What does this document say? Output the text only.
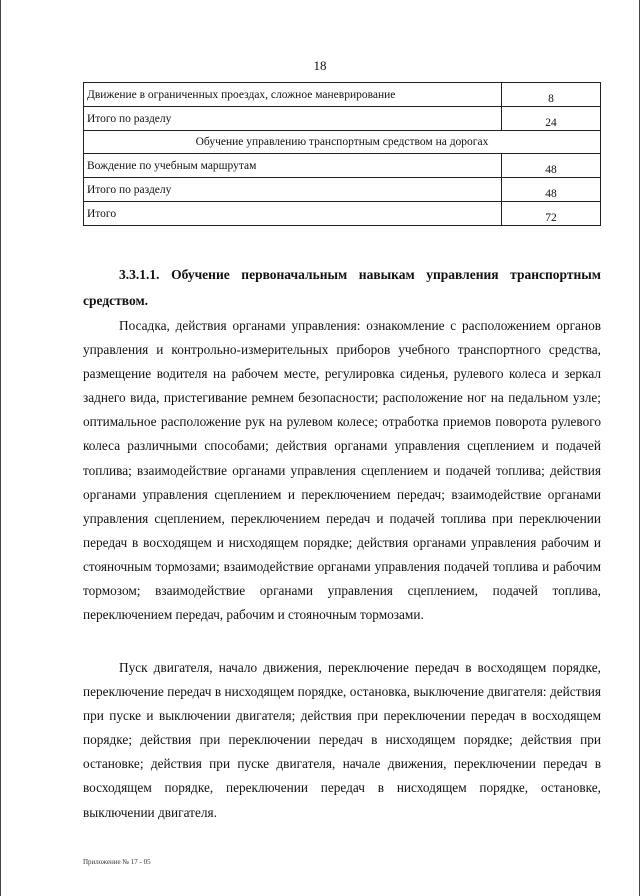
18
Движение в ограниченных проездах, сложное маневрирование	8
Итого по разделу	24
Обучение управлению транспортным средством на дорогах	
Вождение по учебным маршрутам	48
Итого по разделу	48
Итого	72
3.3.1.1. Обучение первоначальным навыкам управления транспортным средством.

Посадка, действия органами управления: ознакомление с расположением органов управления и контрольно-измерительных приборов учебного транспортного средства, размещение водителя на рабочем месте, регулировка сиденья, рулевого колеса и зеркал заднего вида, пристегивание ремнем безопасности; расположение ног на педальном узле; оптимальное расположение рук на рулевом колесе; отработка приемов поворота рулевого колеса различными способами; действия органами управления сцеплением и подачей топлива; взаимодействие органами управления сцеплением и подачей топлива; действия органами управления сцеплением и переключением передач; взаимодействие органами управления сцеплением, переключением передач и подачей топлива при переключении передач в восходящем и нисходящем порядке; действия органами управления рабочим и стояночным тормозами; взаимодействие органами управления подачей топлива и рабочим тормозом; взаимодействие органами управления сцеплением, подачей топлива, переключением передач, рабочим и стояночным тормозами.

Пуск двигателя, начало движения, переключение передач в восходящем порядке, переключение передач в нисходящем порядке, остановка, выключение двигателя: действия при пуске и выключении двигателя; действия при переключении передач в восходящем порядке; действия при переключении передач в нисходящем порядке; действия при остановке; действия при пуске двигателя, начале движения, переключении передач в восходящем порядке, переключении передач в нисходящем порядке, остановке, выключении двигателя.

Приложение № 17 - 05
